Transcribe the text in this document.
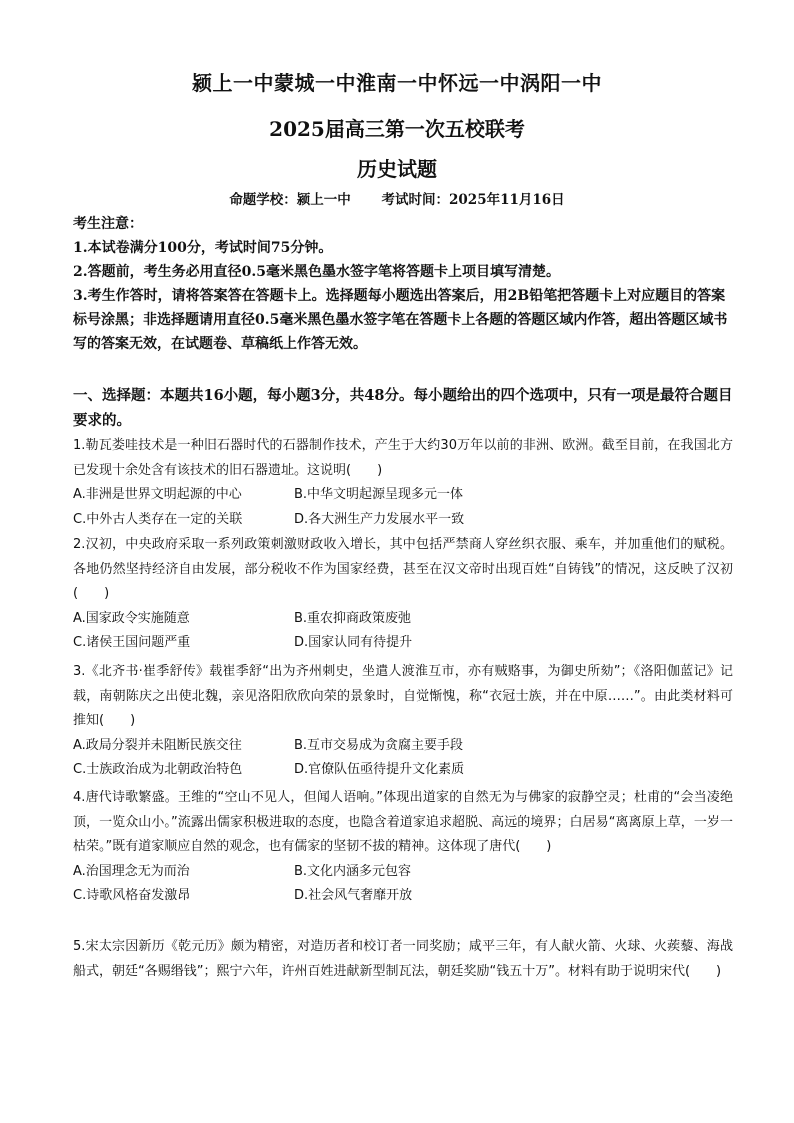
颍上一中蒙城一中淮南一中怀远一中涡阳一中
2025届高三第一次五校联考
历史试题
命题学校：颍上一中 考试时间：2025年11月16日

考生注意：

1.本试卷满分100分，考试时间75分钟。

2.答题前，考生务必用直径0.5毫米黑色墨水签字笔将答题卡上项目填写清楚。

3.考生作答时，请将答案答在答题卡上。选择题每小题选出答案后，用2B铅笔把答题卡上对应题目的答案标号涂黑；非选择题请用直径0.5毫米黑色墨水签字笔在答题卡上各题的答题区域内作答，超出答题区域书写的答案无效，在试题卷、草稿纸上作答无效。

一、选择题：本题共16小题，每小题3分，共48分。每小题给出的四个选项中，只有一项是最符合题目要求的。

1.勒瓦娄哇技术是一种旧石器时代的石器制作技术，产生于大约30万年以前的非洲、欧洲。截至目前，在我国北方已发现十余处含有该技术的旧石器遗址。这说明(　　)

A.非洲是世界文明起源的中心	B.中华文明起源呈现多元一体
C.中外古人类存在一定的关联	D.各大洲生产力发展水平一致

2.汉初，中央政府采取一系列政策刺激财政收入增长，其中包括严禁商人穿丝织衣服、乘车，并加重他们的赋税。各地仍然坚持经济自由发展，部分税收不作为国家经费，甚至在汉文帝时出现百姓“自铸钱”的情况，这反映了汉初(　　)

A.国家政令实施随意	B.重农抑商政策废弛
C.诸侯王国问题严重	D.国家认同有待提升

3.《北齐书·崔季舒传》载崔季舒“出为齐州刺史，坐遣人渡淮互市，亦有贼赂事，为御史所劾”；《洛阳伽蓝记》记载，南朝陈庆之出使北魏，亲见洛阳欣欣向荣的景象时，自觉惭愧，称“衣冠士族，并在中原……”。由此类材料可推知(　　)

A.政局分裂并未阻断民族交往	B.互市交易成为贪腐主要手段
C.士族政治成为北朝政治特色	D.官僚队伍亟待提升文化素质

4.唐代诗歌繁盛。王维的“空山不见人，但闻人语响。”体现出道家的自然无为与佛家的寂静空灵；杜甫的“会当凌绝顶，一览众山小。”流露出儒家积极进取的态度，也隐含着道家追求超脱、高远的境界；白居易“离离原上草，一岁一枯荣。”既有道家顺应自然的观念，也有儒家的坚韧不拔的精神。这体现了唐代(　　)

A.治国理念无为而治	B.文化内涵多元包容
C.诗歌风格奋发激昂	D.社会风气奢靡开放

5.宋太宗因新历《乾元历》颇为精密，对造历者和校订者一同奖励；咸平三年，有人献火箭、火球、火蒺藜、海战船式，朝廷“各赐缗钱”；熙宁六年，许州百姓进献新型制瓦法，朝廷奖励“钱五十万”。材料有助于说明宋代(　　)
